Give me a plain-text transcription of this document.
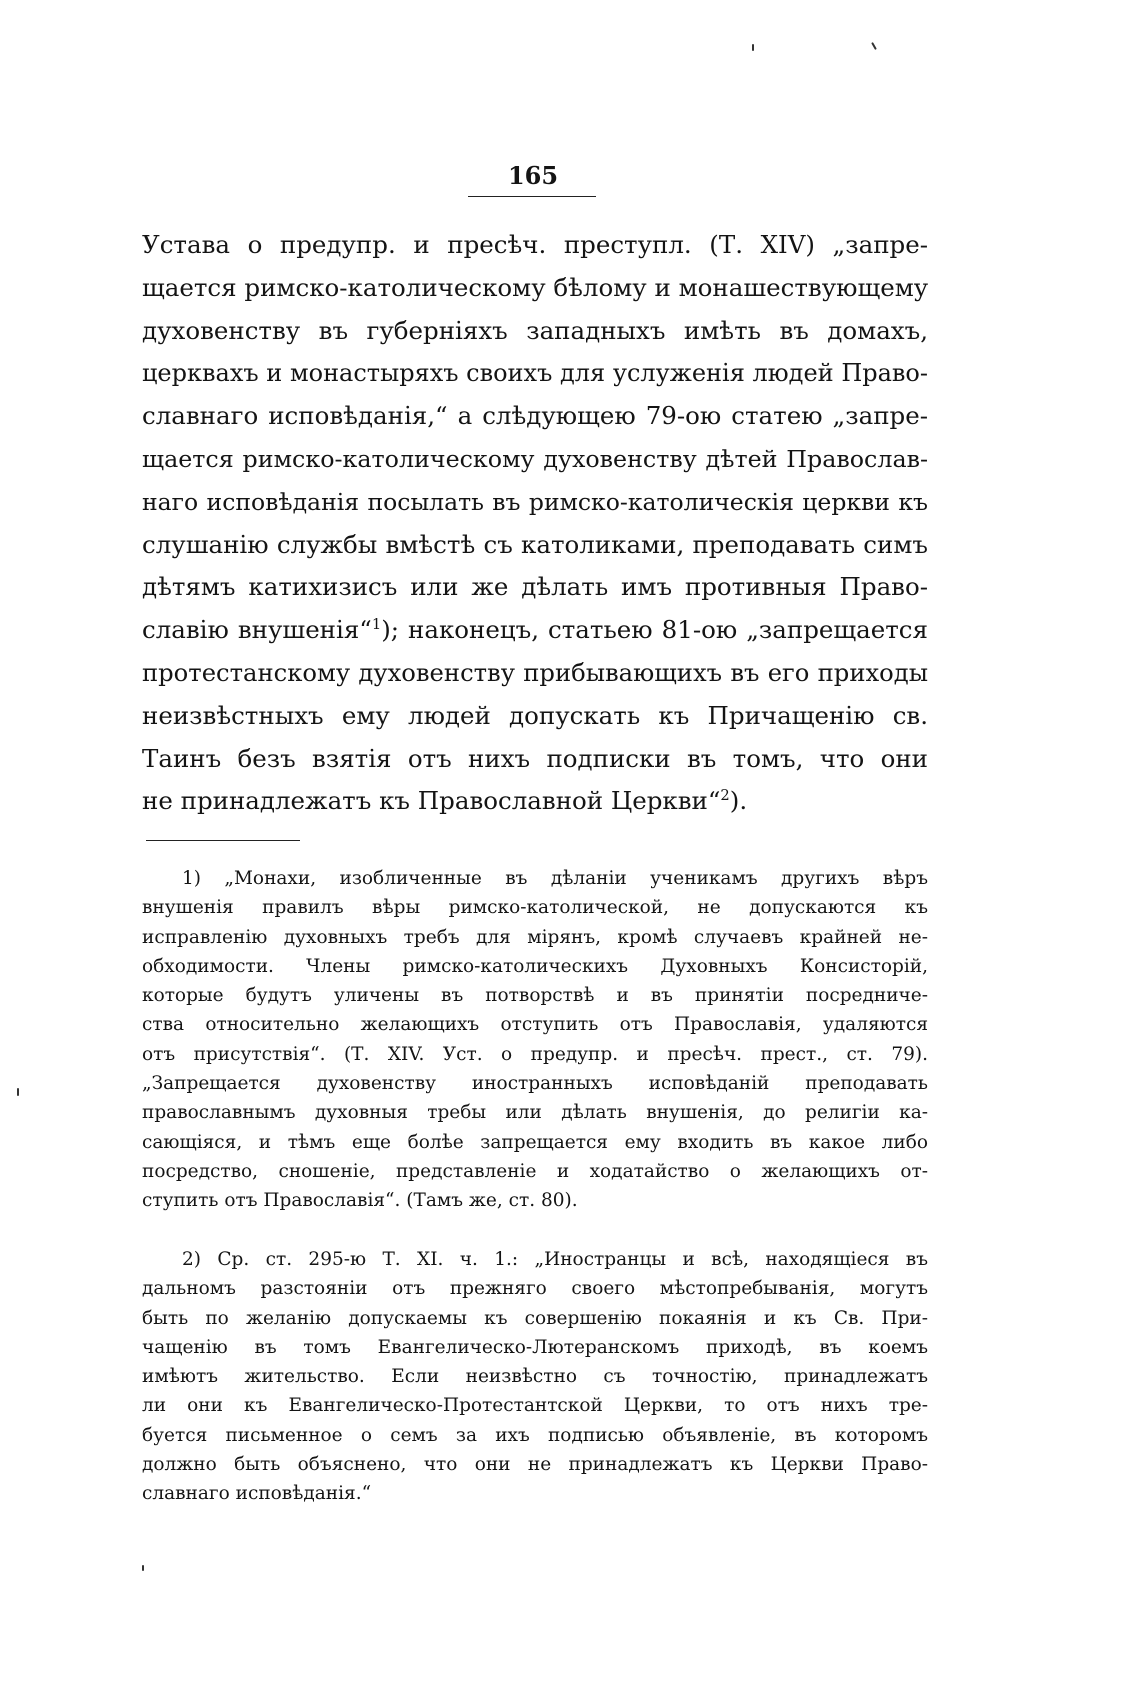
165
Устава о предупр. и пресѣч. преступл. (Т. XIV) „запре-
щается римско-католическому бѣлому и монашествующему
духовенству въ губерніяхъ западныхъ имѣть въ домахъ,
церквахъ и монастыряхъ своихъ для услуженія людей Право-
славнаго исповѣданія,“ а слѣдующею 79-ою статею „запре-
щается римско-католическому духовенству дѣтей Православ-
наго исповѣданія посылать въ римско-католическія церкви къ
слушанію службы вмѣстѣ съ католиками, преподавать симъ
дѣтямъ катихизисъ или же дѣлать имъ противныя Право-
славію внушенія“$^1$); наконецъ, статьею 81-ою „запрещается
протестанскому духовенству прибывающихъ въ его приходы
неизвѣстныхъ ему людей допускать къ Причащенію св.
Таинъ безъ взятія отъ нихъ подписки въ томъ, что они
не принадлежатъ къ Православной Церкви“$^2$).
1) „Монахи, изобличенные въ дѣланіи ученикамъ другихъ вѣръ
внушенія правилъ вѣры римско-католической, не допускаются къ
исправленію духовныхъ требъ для мірянъ, кромѣ случаевъ крайней не-
обходимости. Члены римско-католическихъ Духовныхъ Консисторій,
которые будутъ уличены въ потворствѣ и въ принятіи посредниче-
ства относительно желающихъ отступить отъ Православія, удаляются
отъ присутствія“. (Т. XIV. Уст. о предупр. и пресѣч. прест., ст. 79).
„Запрещается духовенству иностранныхъ исповѣданій преподавать
православнымъ духовныя требы или дѣлать внушенія, до религіи ка-
сающіяся, и тѣмъ еще болѣе запрещается ему входить въ какое либо
посредство, сношеніе, представленіе и ходатайство о желающихъ от-
ступить отъ Православія“. (Тамъ же, ст. 80).
2) Ср. ст. 295-ю Т. XI. ч. 1.: „Иностранцы и всѣ, находящіеся въ
дальномъ разстояніи отъ прежняго своего мѣстопребыванія, могутъ
быть по желанію допускаемы къ совершенію покаянія и къ Св. При-
чащенію въ томъ Евангелическо-Лютеранскомъ приходѣ, въ коемъ
имѣютъ жительство. Если неизвѣстно съ точностію, принадлежатъ
ли они къ Евангелическо-Протестантской Церкви, то отъ нихъ тре-
буется письменное о семъ за ихъ подписью объявленіе, въ которомъ
должно быть объяснено, что они не принадлежатъ къ Церкви Право-
славнаго исповѣданія.“
